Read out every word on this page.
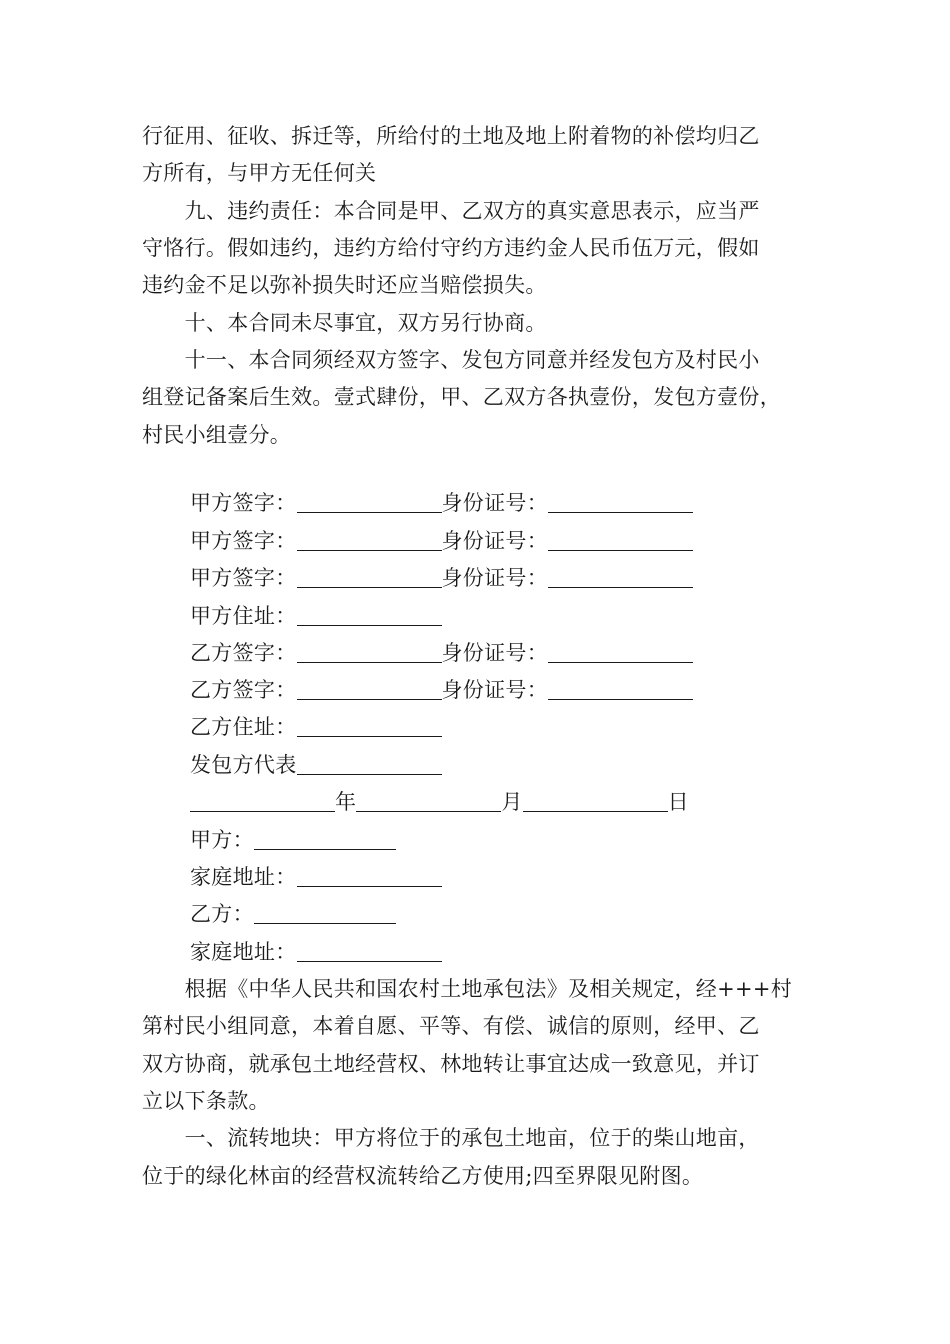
行征用、征收、拆迁等，所给付的土地及地上附着物的补偿均归乙
方所有，与甲方无任何关
　　九、违约责任：本合同是甲、乙双方的真实意思表示，应当严
守恪行。假如违约，违约方给付守约方违约金人民币伍万元，假如
违约金不足以弥补损失时还应当赔偿损失。
　　十、本合同未尽事宜，双方另行协商。
　　十一、本合同须经双方签字、发包方同意并经发包方及村民小
组登记备案后生效。壹式肆份，甲、乙双方各执壹份，发包方壹份，
村民小组壹分。
甲方签字：	身份证号：
甲方签字：	身份证号：
甲方签字：	身份证号：
甲方住址：
乙方签字：	身份证号：
乙方签字：	身份证号：
乙方住址：
发包方代表
年	月	日
甲方：
家庭地址：
乙方：
家庭地址：
　　根据《中华人民共和国农村土地承包法》及相关规定，经+++村
第村民小组同意，本着自愿、平等、有偿、诚信的原则，经甲、乙
双方协商，就承包土地经营权、林地转让事宜达成一致意见，并订
立以下条款。
　　一、流转地块：甲方将位于的承包土地亩，位于的柴山地亩，
位于的绿化林亩的经营权流转给乙方使用;四至界限见附图。
